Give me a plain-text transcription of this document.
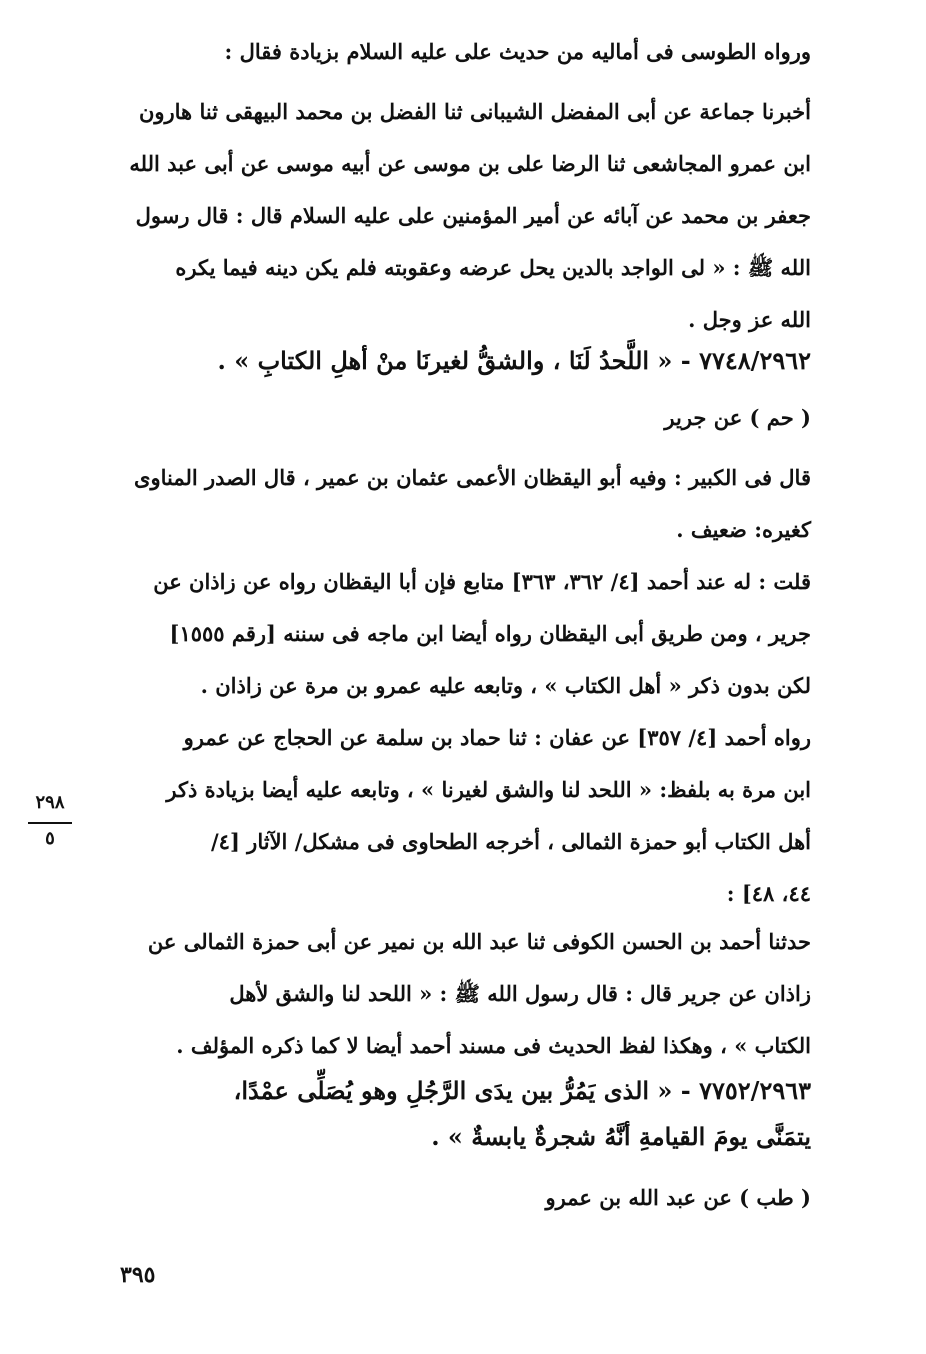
ورواه الطوسى فى أماليه من حديث على عليه السلام بزيادة فقال :
أخبرنا جماعة عن أبى المفضل الشيبانى ثنا الفضل بن محمد البيهقى ثنا هارون
ابن عمرو المجاشعى ثنا الرضا على بن موسى عن أبيه موسى عن أبى عبد الله
جعفر بن محمد عن آبائه عن أمير المؤمنين على عليه السلام قال : قال رسول
الله ﷺ : « لى الواجد بالدين يحل عرضه وعقوبته فلم يكن دينه فيما يكره
الله عز وجل .
٧٧٤٨/٢٩٦٢ - « اللَّحدُ لَنَا ، والشقُّ لغيرنَا منْ أهلِ الكتابِ » .
( حم ) عن جرير
قال فى الكبير : وفيه أبو اليقظان الأعمى عثمان بن عمير ، قال الصدر المناوى
كغيره: ضعيف .
قلت : له عند أحمد [٤/ ٣٦٢، ٣٦٣] متابع فإن أبا اليقظان رواه عن زاذان عن
جرير ، ومن طريق أبى اليقظان رواه أيضا ابن ماجه فى سننه [رقم ١٥٥٥]
لكن بدون ذكر « أهل الكتاب » ، وتابعه عليه عمرو بن مرة عن زاذان .
رواه أحمد [٤/ ٣٥٧] عن عفان : ثنا حماد بن سلمة عن الحجاج عن عمرو
ابن مرة به بلفظ: « اللحد لنا والشق لغيرنا » ، وتابعه عليه أيضا بزيادة ذكر
أهل الكتاب أبو حمزة الثمالى ، أخرجه الطحاوى فى مشكل/ الآثار [٤/
٤٤، ٤٨] :
حدثنا أحمد بن الحسن الكوفى ثنا عبد الله بن نمير عن أبى حمزة الثمالى عن
زاذان عن جرير قال : قال رسول الله ﷺ : « اللحد لنا والشق لأهل
الكتاب » ، وهكذا لفظ الحديث فى مسند أحمد أيضا لا كما ذكره المؤلف .
٧٧٥٢/٢٩٦٣ - « الذى يَمُرُّ بين يدَى الرَّجُلِ وهو يُصَلِّى عمْدًا،
يتمَنَّى يومَ القيامةِ أنَّهُ شجرةٌ يابسةٌ » .
( طب ) عن عبد الله بن عمرو
٢٩٨
٥
٣٩٥
